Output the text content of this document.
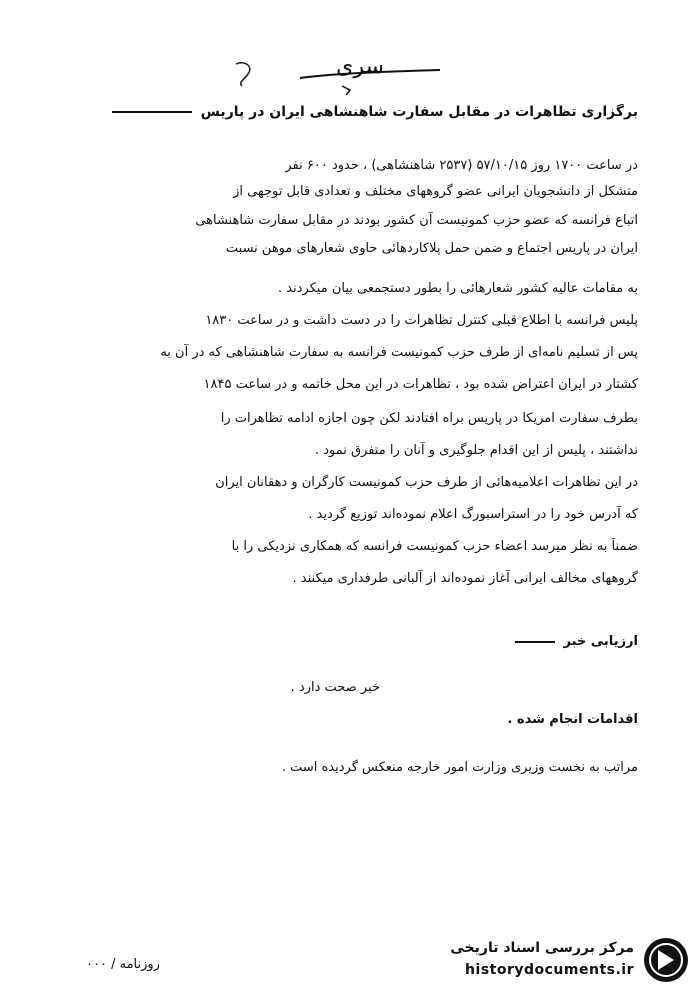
سری
برگزاری تظاهرات در مقابل سفارت شاهنشاهی ایران در پاریس
در ساعت ۱۷۰۰ روز ۵۷/۱۰/۱۵ (۲۵۳۷ شاهنشاهی) ، حدود ۶۰۰ نفر
متشکل از دانشجویان ایرانی عضو گروههای مختلف و تعدادی قابل توجهی از
اتباع فرانسه که عضو حزب کمونیست آن کشور بودند در مقابل سفارت شاهنشاهی
ایران در پاریس اجتماع و ضمن حمل پلاکاردهائی حاوی شعارهای موهن نسبت
به مقامات عالیه کشور شعارهائی را بطور دستجمعی بیان میکردند .
پلیس فرانسه با اطلاع قبلی کنترل تظاهرات را در دست داشت و در ساعت ۱۸۳۰
پس از تسلیم نامه‌ای از طرف حزب کمونیست فرانسه به سفارت شاهنشاهی که در آن به
کشتار در ایران اعتراض شده بود ، تظاهرات در این محل خاتمه و در ساعت ۱۸۴۵
بطرف سفارت امریکا در پاریس براه افتادند لکن چون اجازه ادامه تظاهرات را
نداشتند ، پلیس از این اقدام جلوگیری و آنان را متفرق نمود .
در این تظاهرات اعلامیه‌هائی از طرف حزب کمونیست کارگران و دهقانان ایران
که آدرس خود را در استراسبورگ اعلام نموده‌اند توزیع گردید .
ضمناً به نظر میرسد اعضاء حزب کمونیست فرانسه که همکاری نزدیکی را با
گروههای مخالف ایرانی آغاز نموده‌اند از آلبانی طرفداری میکنند .
ارزیابی خبر
خبر صحت دارد .
اقدامات انجام شده .
مراتب به نخست وزیری وزارت امور خارجه منعکس گردیده است .
روزنامه / ۰۰۰
مرکز بررسی اسناد تاریخی
historydocuments.ir
